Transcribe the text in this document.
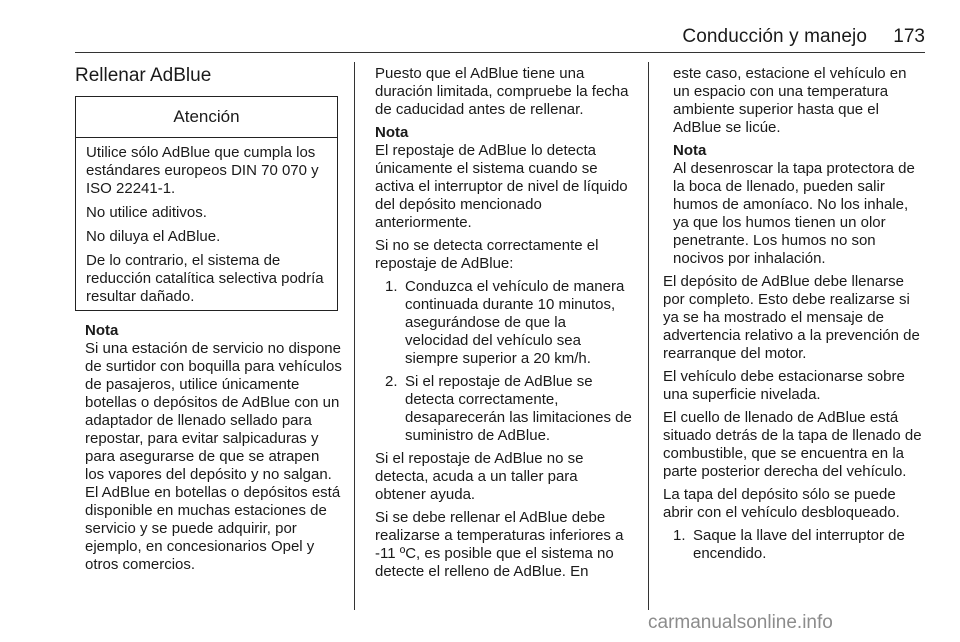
Conducción y manejo 173
Rellenar AdBlue
Atención

Utilice sólo AdBlue que cumpla los estándares europeos DIN 70 070 y ISO 22241-1.

No utilice aditivos.

No diluya el AdBlue.

De lo contrario, el sistema de reducción catalítica selectiva podría resultar dañado.

Nota

Si una estación de servicio no dispone de surtidor con boquilla para vehículos de pasajeros, utilice únicamente botellas o depósitos de AdBlue con un adaptador de llenado sellado para repostar, para evitar salpicaduras y para asegurarse de que se atrapen los vapores del depósito y no salgan. El AdBlue en botellas o depósitos está disponible en muchas estaciones de servicio y se puede adquirir, por ejemplo, en concesionarios Opel y otros comercios.

Puesto que el AdBlue tiene una duración limitada, compruebe la fecha de caducidad antes de rellenar.

Nota

El repostaje de AdBlue lo detecta únicamente el sistema cuando se activa el interruptor de nivel de líquido del depósito mencionado anteriormente.

Si no se detecta correctamente el repostaje de AdBlue:

1. Conduzca el vehículo de manera continuada durante 10 minutos, asegurándose de que la velocidad del vehículo sea siempre superior a 20 km/h.
2. Si el repostaje de AdBlue se detecta correctamente, desaparecerán las limitaciones de suministro de AdBlue.

Si el repostaje de AdBlue no se detecta, acuda a un taller para obtener ayuda.

Si se debe rellenar el AdBlue debe realizarse a temperaturas inferiores a -11 ºC, es posible que el sistema no detecte el relleno de AdBlue. En

este caso, estacione el vehículo en un espacio con una temperatura ambiente superior hasta que el AdBlue se licúe.

Nota

Al desenroscar la tapa protectora de la boca de llenado, pueden salir humos de amoníaco. No los inhale, ya que los humos tienen un olor penetrante. Los humos no son nocivos por inhalación.

El depósito de AdBlue debe llenarse por completo. Esto debe realizarse si ya se ha mostrado el mensaje de advertencia relativo a la prevención de rearranque del motor.

El vehículo debe estacionarse sobre una superficie nivelada.

El cuello de llenado de AdBlue está situado detrás de la tapa de llenado de combustible, que se encuentra en la parte posterior derecha del vehículo.

La tapa del depósito sólo se puede abrir con el vehículo desbloqueado.

1. Saque la llave del interruptor de encendido.
carmanualsonline.info
